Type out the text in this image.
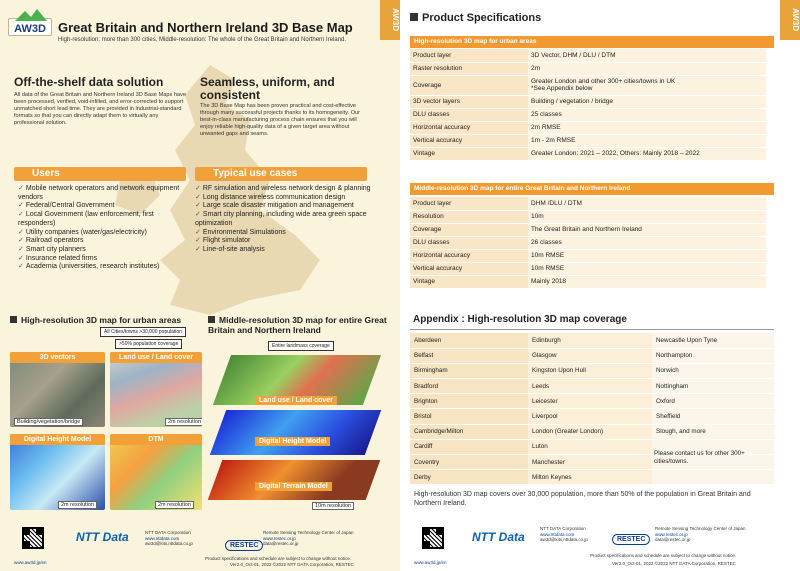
AW3D
AW3D Great Britain and Northern Ireland 3D Base Map
High-resolution: more than 300 cities, Middle-resolution: The whole of the Great Britain and Northern Ireland.
Off-the-shelf data solution
All data of the Great Britain and Northern Ireland 3D Base Maps have been processed, verified, void-infilled, and error-corrected to support unmatched short lead time. They are provided in industrial-standard formats so that you can directly adapt them to virtually any professional solution.
Seamless, uniform, and consistent
The 3D Base Map has been proven practical and cost-effective through many successful projects thanks to its homogeneity. Our best-in-class manufacturing process chain ensures that you will enjoy reliable high-quality data of a given target area without unwanted gaps and seams.
Users
✓ Mobile network operators and network equipment vendors
✓ Federal/Central Government
✓ Local Government (law enforcement, first responders)
✓ Utility companies (water/gas/electricity)
✓ Railroad operators
✓ Smart city planners
✓ Insurance related firms
✓ Academia (universities, research institutes)
Typical use cases
✓ RF simulation and wireless network design & planning
✓ Long distance wireless communication design
✓ Large scale disaster mitigation and management
✓ Smart city planning, including wide area green space optimization
✓ Environmental Simulations
✓ Flight simulator
✓ Line-of-site analysis
High-resolution 3D map for urban areas
All Cities/towns >30,000 population
>50% population coverage
3D vectors
Building/vegetation/bridge
Land use / Land cover
2m resolution
Digital Height Model
2m resolution
DTM
2m resolution
Middle-resolution 3D map for entire Great Britain and Northern Ireland
Entire landmass coverage
Land use / Land cover
Digital Height Model
Digital Terrain Model
10m resolution
www.aw3d.jp/en
NTT Data	NTT DATA Corporation
www.nttdata.com
aw3d@kits.nttdata.co.jp	RESTEC
Remote Sensing Technology Center of Japan
www.restec.or.jp
data@restec.or.jp
Product specifications and schedule are subject to change without notice.
Ver2.0_Oct-01, 2022 ©2022 NTT DATA Corporation, RESTEC
AW3D
Product Specifications
High-resolution 3D map for urban areas
Product layer	3D Vector, DHM / DLU / DTM

Raster resolution	2m

Coverage	Greater London and other 300+ cities/towns in UK
*See Appendix below

3D vector layers	Building / vegetation / bridge

DLU classes	25 classes

Horizontal accuracy	2m RMSE

Vertical accuracy	1m - 2m RMSE

Vintage	Greater London: 2021 – 2022, Others: Mainly 2018 – 2022
Middle-resolution 3D map for entire Great Britain and Northern Ireland
Product layer	DHM /DLU / DTM

Resolution	10m

Coverage	The Great Britain and Northern Ireland

DLU classes	26 classes

Horizontal accuracy	10m RMSE

Vertical accuracy	10m RMSE

Vintage	Mainly 2018
Appendix : High-resolution 3D map coverage
Aberdeen	Edinburgh	Newcastle Upon Tyne
Belfast	Glasgow	Northampton
Birmingham	Kingston Upon Hull	Norwich
Bradford	Leeds	Nottingham
Brighton	Leicester	Oxford
Bristol	Liverpool	Sheffield
Cambridge/Milton	London (Greater London)	Slough, and more
Cardiff	Luton	
Coventry	Manchester	
Derby	Milton Keynes	
Please contact us for other 300+ cities/towns.
High-resolution 3D map covers over 30,000 population, more than 50% of the population in Great Britain and Northern Ireland.
www.aw3d.jp/en
NTT Data
NTT DATA Corporation
www.nttdata.com
aw3d@kits.nttdata.co.jp	RESTEC
Remote Sensing Technology Center of Japan
www.restec.or.jp
data@restec.or.jp
Product specifications and schedule are subject to change without notice.
Ver2.0_Oct-01, 2022 ©2022 NTT DATA Corporation, RESTEC
